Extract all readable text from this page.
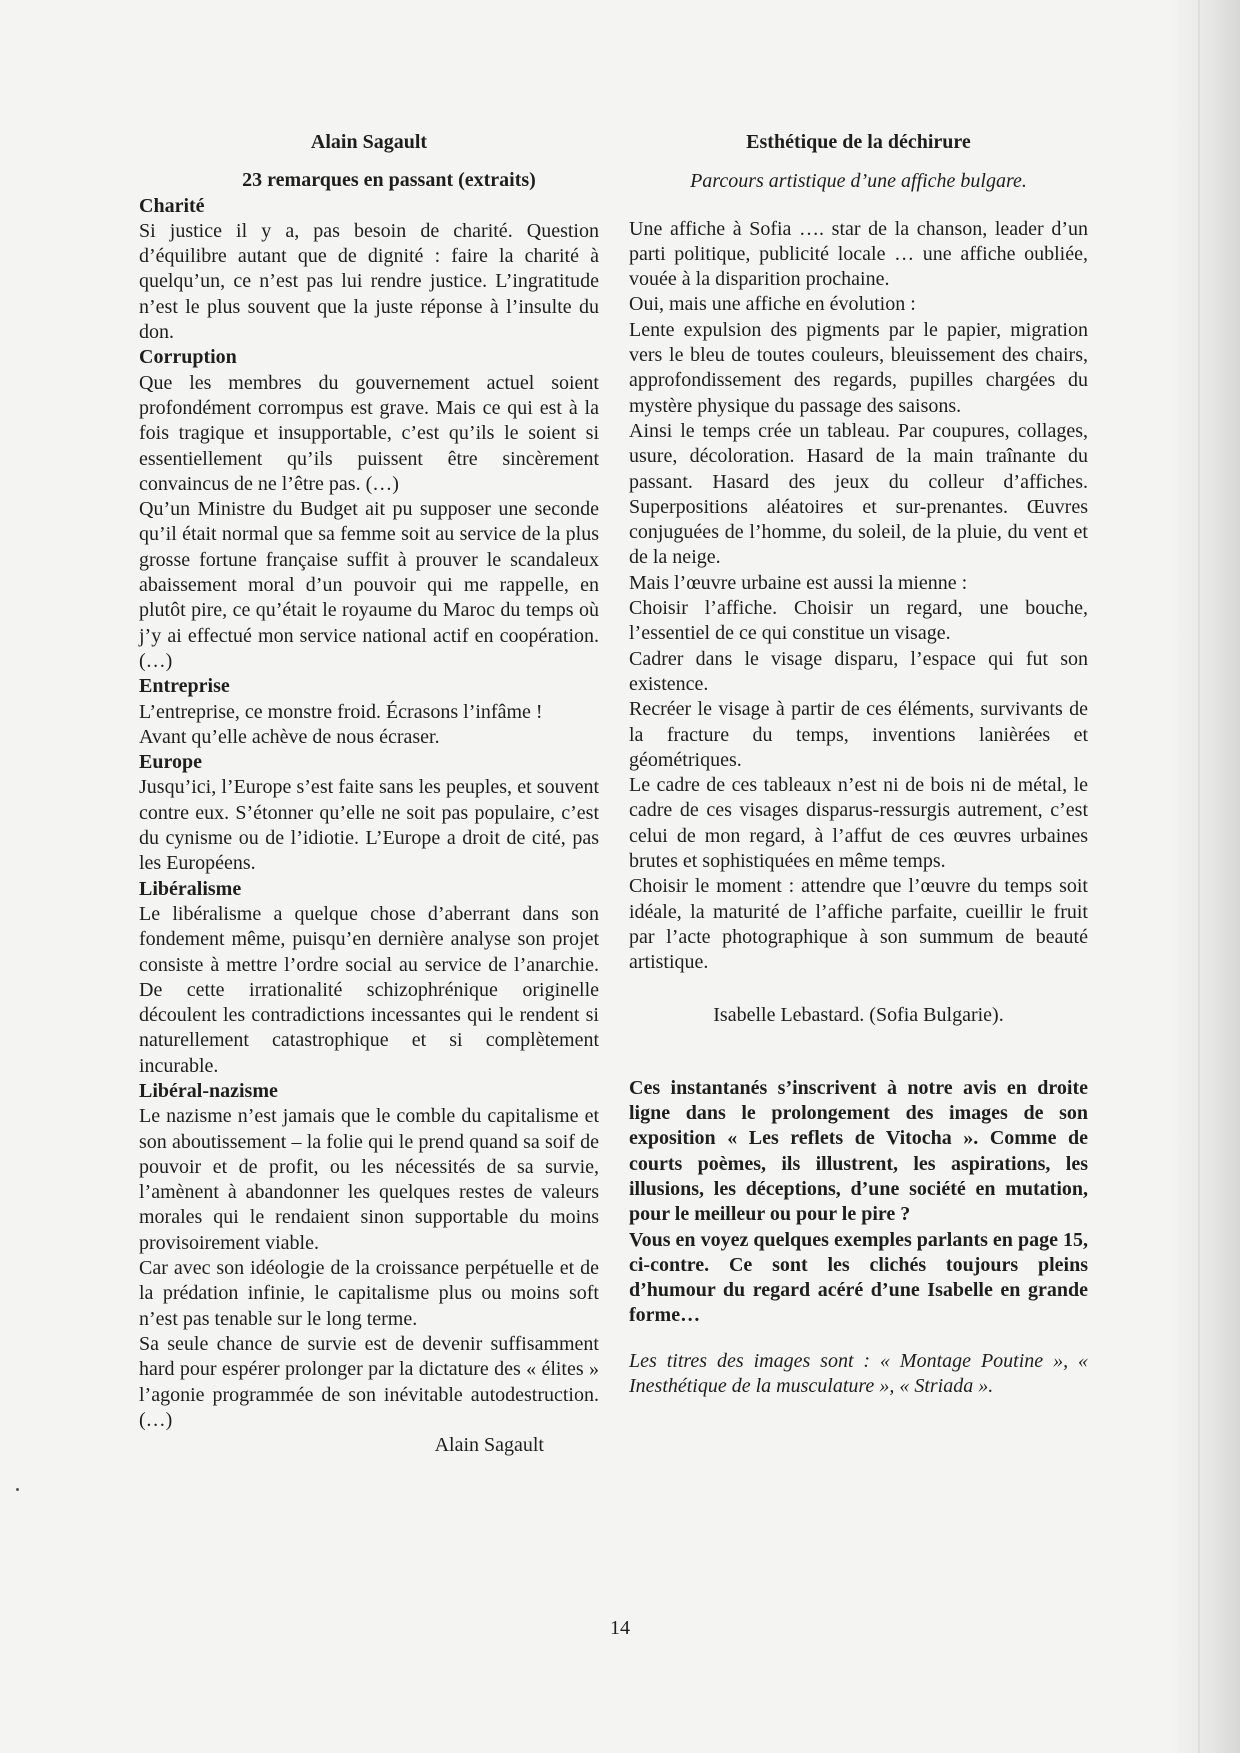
Alain Sagault

23 remarques en passant (extraits)

Charité

Si justice il y a, pas besoin de charité. Question d’équilibre autant que de dignité : faire la charité à quelqu’un, ce n’est pas lui rendre justice. L’ingratitude n’est le plus souvent que la juste réponse à l’insulte du don.

Corruption

Que les membres du gouvernement actuel soient profondément corrompus est grave. Mais ce qui est à la fois tragique et insupportable, c’est qu’ils le soient si essentiellement qu’ils puissent être sincèrement convaincus de ne l’être pas. (…)

Qu’un Ministre du Budget ait pu supposer une seconde qu’il était normal que sa femme soit au service de la plus grosse fortune française suffit à prouver le scandaleux abaissement moral d’un pouvoir qui me rappelle, en plutôt pire, ce qu’était le royaume du Maroc du temps où j’y ai effectué mon service national actif en coopération. (…)

Entreprise

L’entreprise, ce monstre froid. Écrasons l’infâme !

Avant qu’elle achève de nous écraser.

Europe

Jusqu’ici, l’Europe s’est faite sans les peuples, et souvent contre eux. S’étonner qu’elle ne soit pas populaire, c’est du cynisme ou de l’idiotie. L’Europe a droit de cité, pas les Européens.

Libéralisme

Le libéralisme a quelque chose d’aberrant dans son fondement même, puisqu’en dernière analyse son projet consiste à mettre l’ordre social au service de l’anarchie. De cette irrationalité schizophrénique originelle découlent les contradictions incessantes qui le rendent si naturellement catastrophique et si complètement incurable.

Libéral-nazisme

Le nazisme n’est jamais que le comble du capitalisme et son aboutissement – la folie qui le prend quand sa soif de pouvoir et de profit, ou les nécessités de sa survie, l’amènent à abandonner les quelques restes de valeurs morales qui le rendaient sinon supportable du moins provisoirement viable.

Car avec son idéologie de la croissance perpétuelle et de la prédation infinie, le capitalisme plus ou moins soft n’est pas tenable sur le long terme.

Sa seule chance de survie est de devenir suffisamment hard pour espérer prolonger par la dictature des « élites » l’agonie programmée de son inévitable autodestruction. (…)

Alain Sagault

Esthétique de la déchirure

Parcours artistique d’une affiche bulgare.

Une affiche à Sofia …. star de la chanson, leader d’un parti politique, publicité locale … une affiche oubliée, vouée à la disparition prochaine.

Oui, mais une affiche en évolution :

Lente expulsion des pigments par le papier, migration vers le bleu de toutes couleurs, bleuissement des chairs, approfondissement des regards, pupilles chargées du mystère physique du passage des saisons.

Ainsi le temps crée un tableau. Par coupures, collages, usure, décoloration. Hasard de la main traînante du passant. Hasard des jeux du colleur d’affiches. Superpositions aléatoires et sur-prenantes. Œuvres conjuguées de l’homme, du soleil, de la pluie, du vent et de la neige.

Mais l’œuvre urbaine est aussi la mienne :

Choisir l’affiche. Choisir un regard, une bouche, l’essentiel de ce qui constitue un visage.

Cadrer dans le visage disparu, l’espace qui fut son existence.

Recréer le visage à partir de ces éléments, survivants de la fracture du temps, inventions lanièrées et géométriques.

Le cadre de ces tableaux n’est ni de bois ni de métal, le cadre de ces visages disparus-ressurgis autrement, c’est celui de mon regard, à l’affut de ces œuvres urbaines brutes et sophistiquées en même temps.

Choisir le moment : attendre que l’œuvre du temps soit idéale, la maturité de l’affiche parfaite, cueillir le fruit par l’acte photographique à son summum de beauté artistique.

Isabelle Lebastard. (Sofia Bulgarie).

Ces instantanés s’inscrivent à notre avis en droite ligne dans le prolongement des images de son exposition « Les reflets de Vitocha ». Comme de courts poèmes, ils illustrent, les aspirations, les illusions, les déceptions, d’une société en mutation, pour le meilleur ou pour le pire ?

Vous en voyez quelques exemples parlants en page 15, ci-contre. Ce sont les clichés toujours pleins d’humour du regard acéré d’une Isabelle en grande forme…

Les titres des images sont : « Montage Poutine », « Inesthétique de la musculature », « Striada ».

14
